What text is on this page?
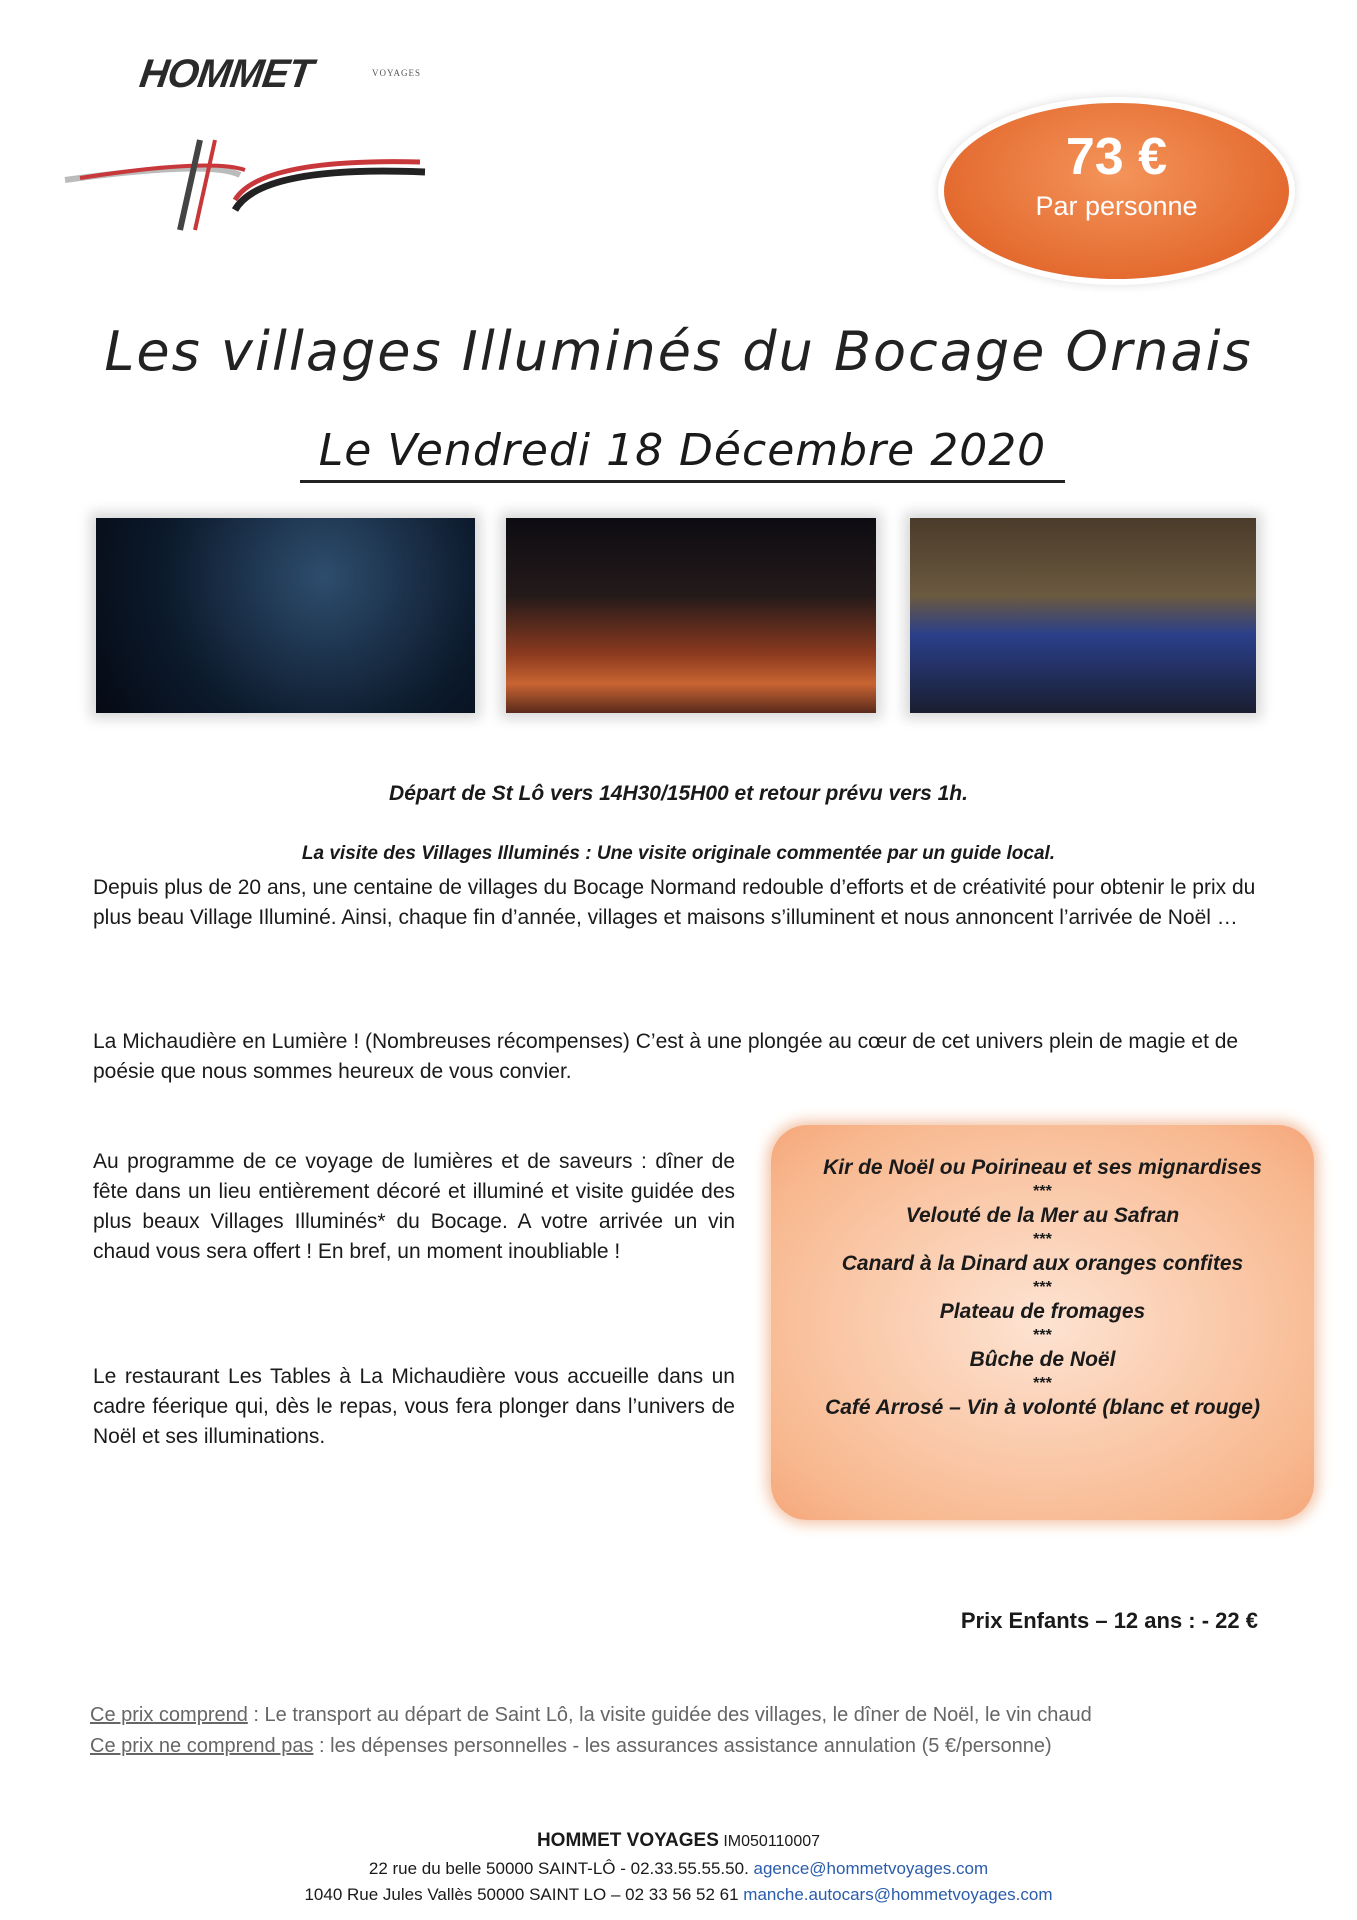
HOMMET	VOYAGES
73 €
Par personne
Les villages Illuminés du Bocage Ornais
Le Vendredi 18 Décembre 2020
Départ de St Lô vers 14H30/15H00 et retour prévu vers 1h.
La visite des Villages Illuminés : Une visite originale commentée par un guide local.
Depuis plus de 20 ans, une centaine de villages du Bocage Normand redouble d’efforts et de créativité pour obtenir le prix du plus beau Village Illuminé. Ainsi, chaque fin d’année, villages et maisons s’illuminent et nous annoncent l’arrivée de Noël …
La Michaudière en Lumière ! (Nombreuses récompenses) C’est à une plongée au cœur de cet univers plein de magie et de poésie que nous sommes heureux de vous convier.
Au programme de ce voyage de lumières et de saveurs : dîner de fête dans un lieu entièrement décoré et illuminé et visite guidée des plus beaux Villages Illuminés* du Bocage. A votre arrivée un vin chaud vous sera offert ! En bref, un moment inoubliable !
Le restaurant Les Tables à La Michaudière vous accueille dans un cadre féerique qui, dès le repas, vous fera plonger dans l’univers de Noël et ses illuminations.
Kir de Noël ou Poirineau et ses mignardises
***
Velouté de la Mer au Safran
***
Canard à la Dinard aux oranges confites
***
Plateau de fromages
***
Bûche de Noël
***
Café Arrosé – Vin à volonté (blanc et rouge)
Prix Enfants – 12 ans : - 22 €
Ce prix comprend : Le transport au départ de Saint Lô, la visite guidée des villages, le dîner de Noël, le vin chaud
Ce prix ne comprend pas : les dépenses personnelles - les assurances assistance annulation (5 €/personne)
HOMMET VOYAGES IM050110007
22 rue du belle 50000 SAINT-LÔ - 02.33.55.55.50. agence@hommetvoyages.com
1040 Rue Jules Vallès 50000 SAINT LO – 02 33 56 52 61 manche.autocars@hommetvoyages.com
